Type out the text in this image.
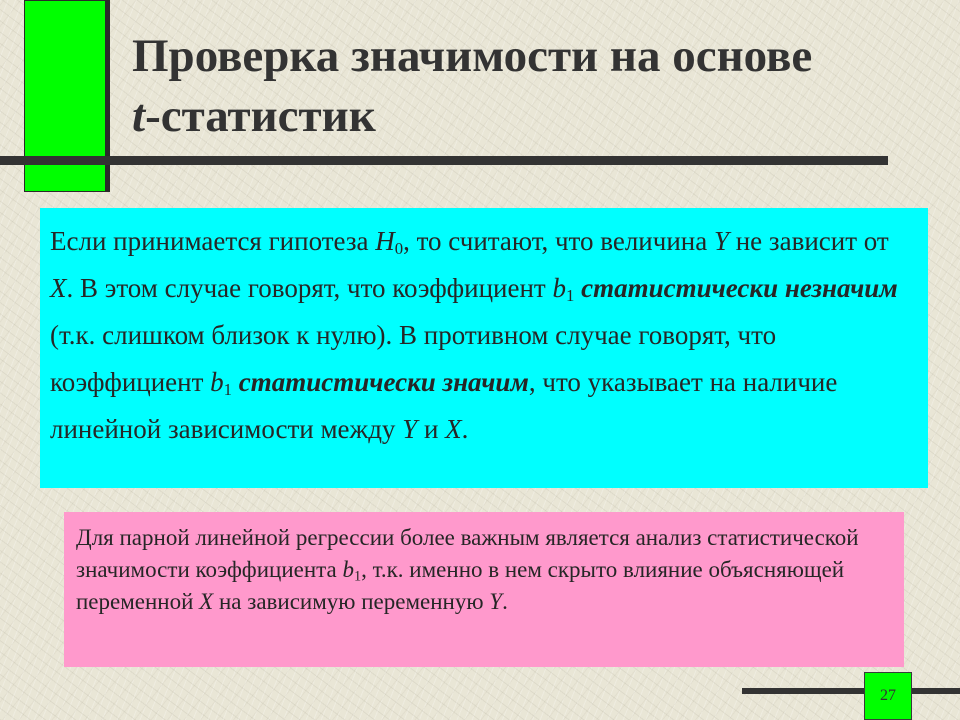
Проверка значимости на основе
t-статистик

Если принимается гипотеза $H_0$, то считают, что величина Y не зависит от X. В этом случае говорят, что коэффициент $b_1$ статистически незначим (т.к. слишком близок к нулю). В противном случае говорят, что коэффициент $b_1$ статистически значим, что указывает на наличие линейной зависимости между Y и X.

Для парной линейной регрессии более важным является анализ статистической значимости коэффициента $b_1$, т.к. именно в нем скрыто влияние объясняющей переменной X на зависимую переменную Y.

27
